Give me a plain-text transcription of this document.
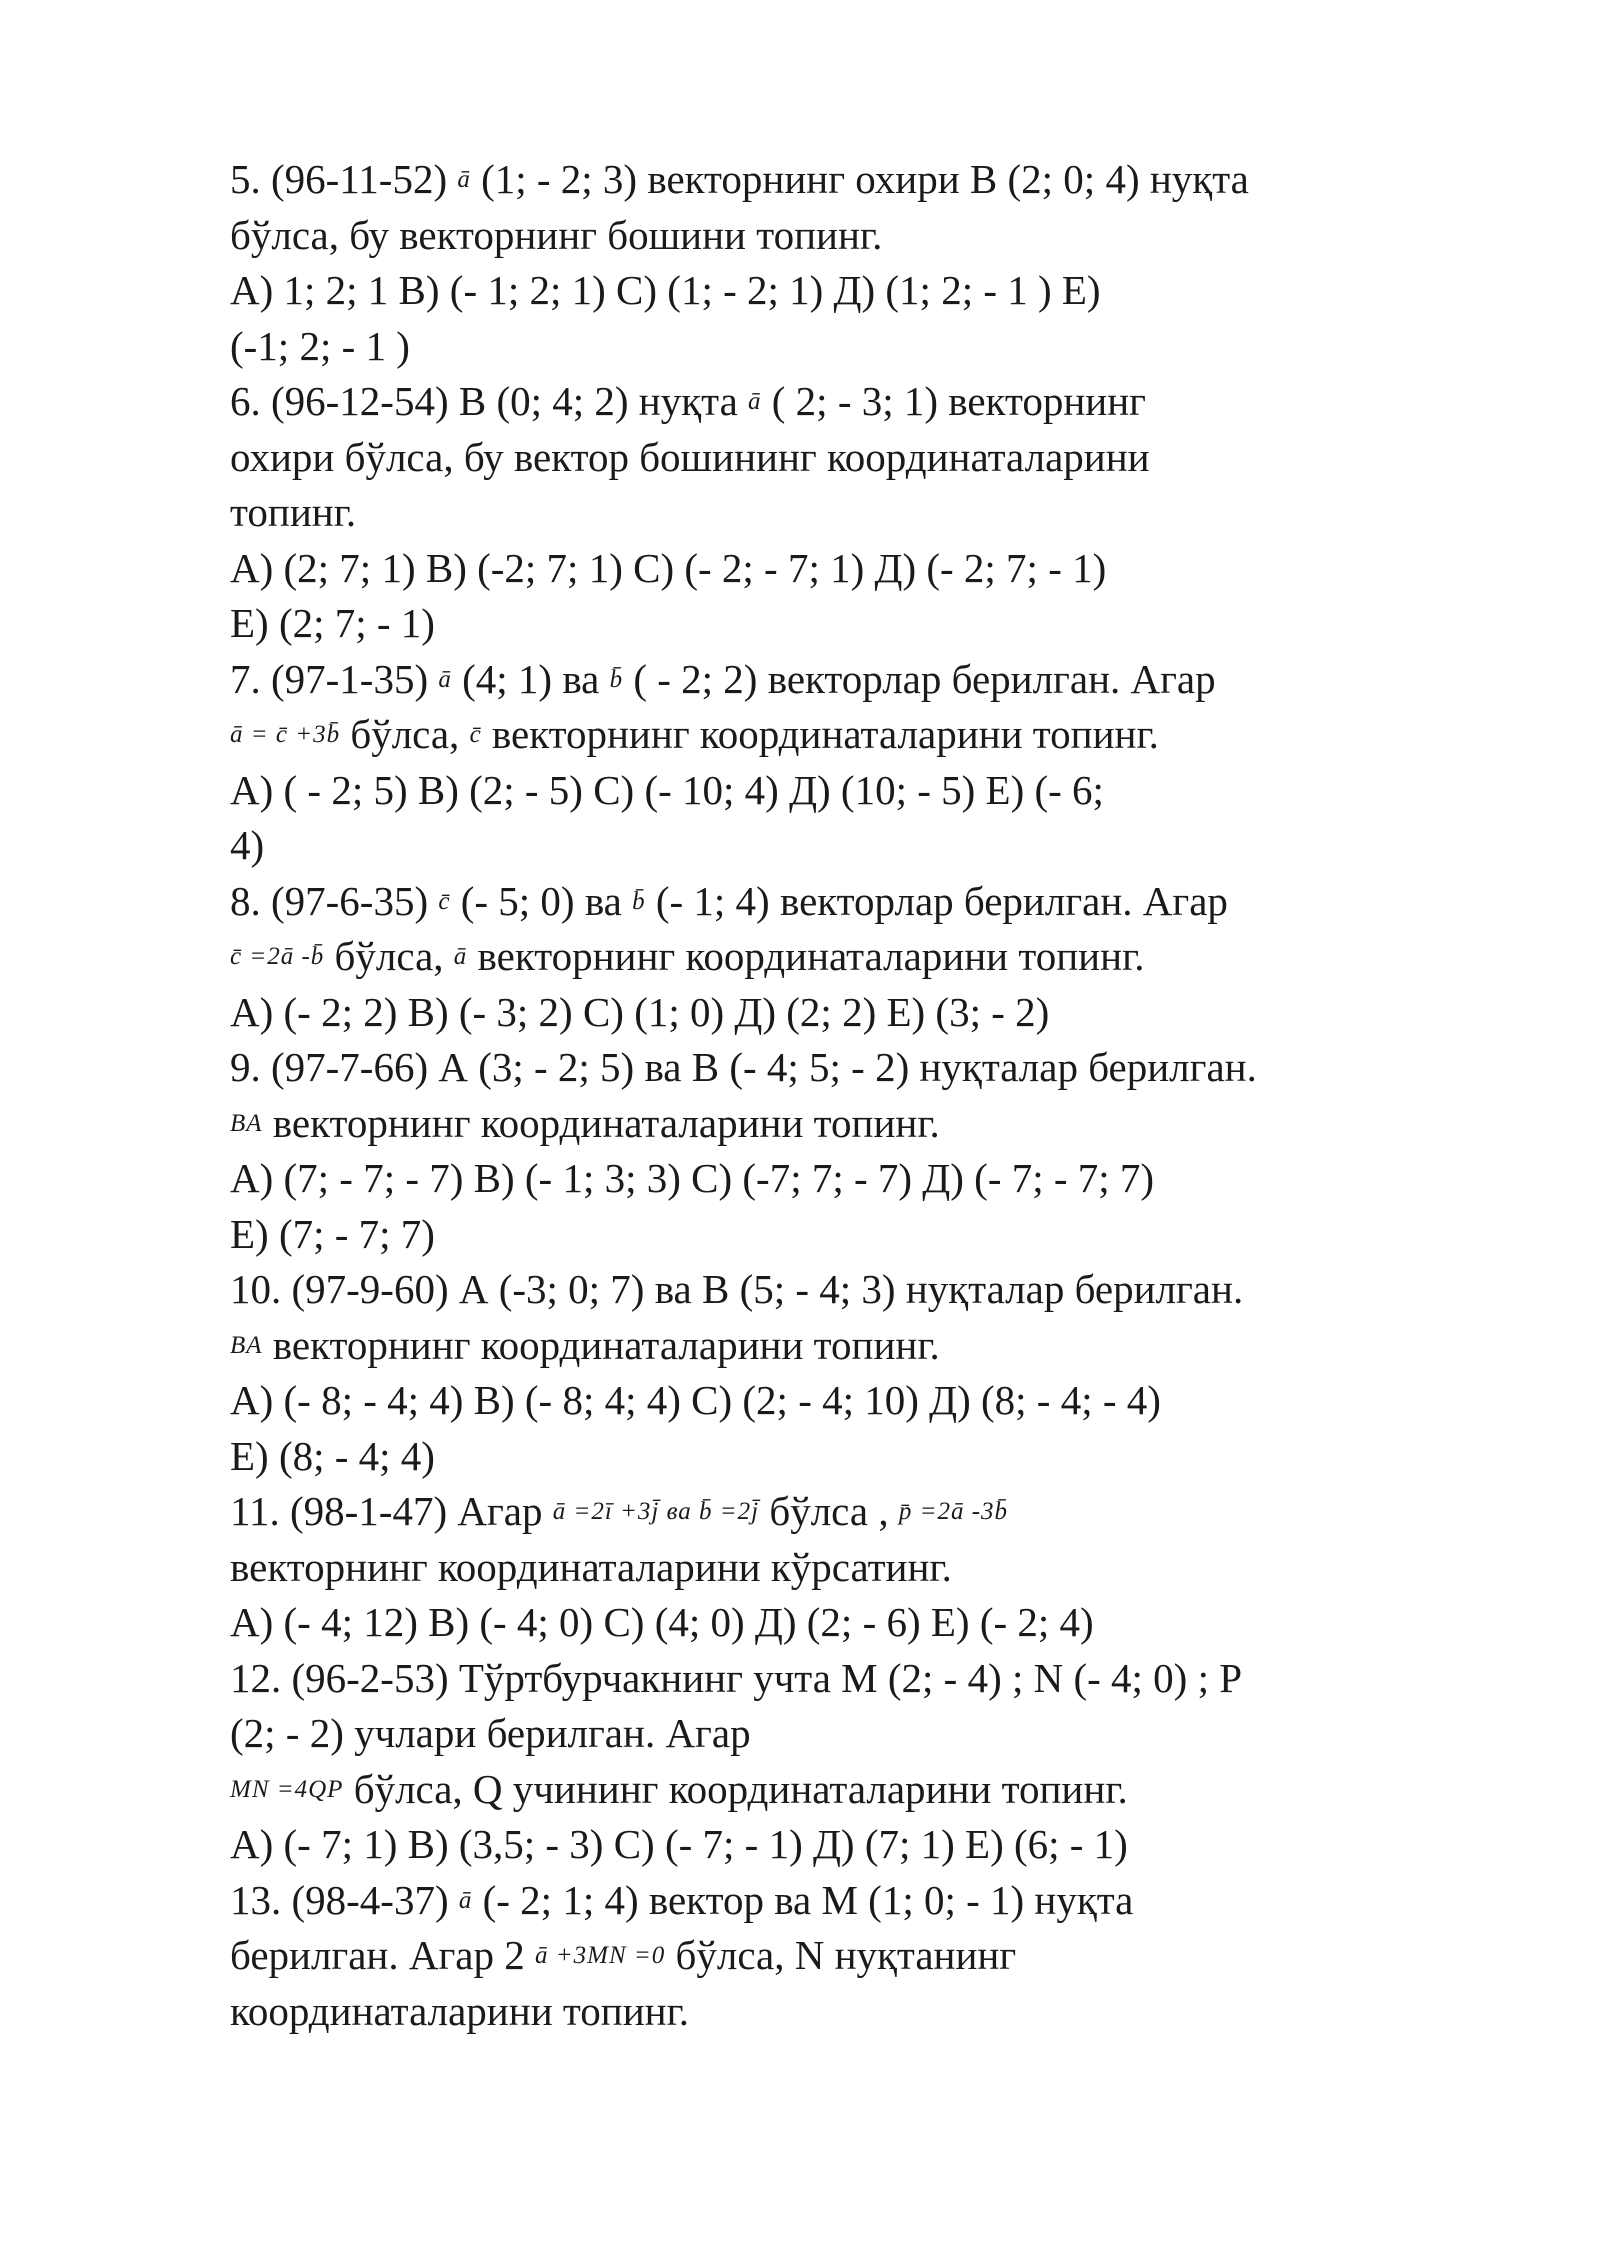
5. (96-11-52) ā (1; - 2; 3) векторнинг охири В (2; 0; 4) нуқта
бўлса, бу векторнинг бошини топинг.
А) 1; 2; 1 В) (- 1; 2; 1) С) (1; - 2; 1) Д) (1; 2; - 1 ) Е)
(-1; 2; - 1 )
6. (96-12-54) В (0; 4; 2) нуқта ā ( 2; - 3; 1) векторнинг
охири бўлса, бу вектор бошининг координаталарини
топинг.
А) (2; 7; 1) В) (-2; 7; 1) С) (- 2; - 7; 1) Д) (- 2; 7; - 1)
Е) (2; 7; - 1)
7. (97-1-35) ā (4; 1) ва b̄ ( - 2; 2) векторлар берилган. Агар
ā = c̄ +3b̄ бўлса, c̄ векторнинг координаталарини топинг.
А) ( - 2; 5) В) (2; - 5) С) (- 10; 4) Д) (10; - 5) Е) (- 6;
4)
8. (97-6-35) c̄ (- 5; 0) ва b̄ (- 1; 4) векторлар берилган. Агар
c̄ =2ā -b̄ бўлса, ā векторнинг координаталарини топинг.
А) (- 2; 2) В) (- 3; 2) С) (1; 0) Д) (2; 2) Е) (3; - 2)
9. (97-7-66) А (3; - 2; 5) ва В (- 4; 5; - 2) нуқталар берилган.
BA векторнинг координаталарини топинг.
А) (7; - 7; - 7) В) (- 1; 3; 3) С) (-7; 7; - 7) Д) (- 7; - 7; 7)
Е) (7; - 7; 7)
10. (97-9-60) А (-3; 0; 7) ва В (5; - 4; 3) нуқталар берилган.
BA векторнинг координаталарини топинг.
А) (- 8; - 4; 4) В) (- 8; 4; 4) С) (2; - 4; 10) Д) (8; - 4; - 4)
Е) (8; - 4; 4)
11. (98-1-47) Агар ā =2ī +3j̄ ва b̄ =2j̄ бўлса , p̄ =2ā -3b̄
векторнинг координаталарини кўрсатинг.
А) (- 4; 12) В) (- 4; 0) С) (4; 0) Д) (2; - 6) Е) (- 2; 4)
12. (96-2-53) Тўртбурчакнинг учта М (2; - 4) ; N (- 4; 0) ; Р
(2; - 2) учлари берилган. Агар
MN =4QP бўлса, Q учининг координаталарини топинг.
А) (- 7; 1) В) (3,5; - 3) С) (- 7; - 1) Д) (7; 1) Е) (6; - 1)
13. (98-4-37) ā (- 2; 1; 4) вектор ва М (1; 0; - 1) нуқта
берилган. Агар 2 ā +3MN =0 бўлса, N нуқтанинг
координаталарини топинг.
